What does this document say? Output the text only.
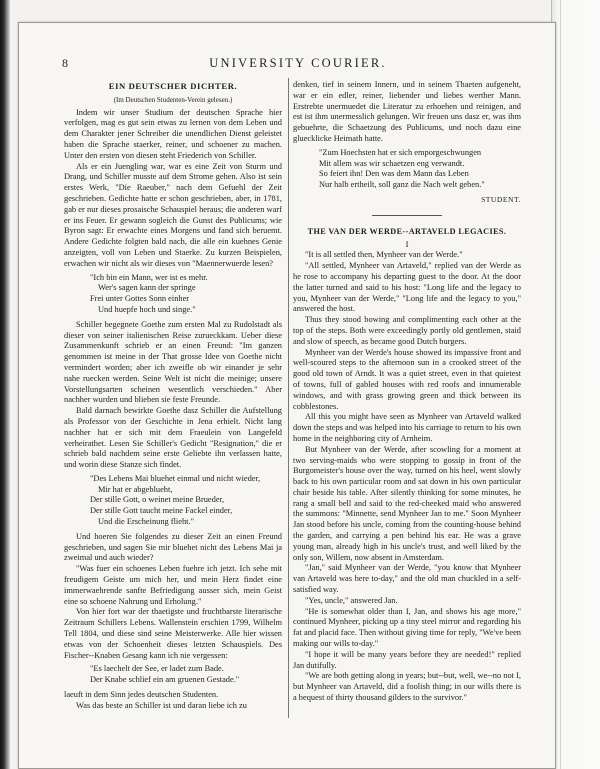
8	UNIVERSITY COURIER.
EIN DEUTSCHER DICHTER.
(Im Deutschen Studenten-Verein gelesen.)

Indem wir unser Studium der deutschen Sprache hier verfolgen, mag es gut sein etwas zu lernen von dem Leben und dem Charakter jener Schreiber die unendlichen Dienst geleistet haben die Sprache staerker, reiner, und schoener zu machen. Unter den ersten von diesen steht Friederich von Schiller.

Als er ein Juengling war, war es eine Zeit von Sturm und Drang, und Schiller musste auf dem Strome gehen. Also ist sein erstes Werk, "Die Raeuber," nach dem Gefuehl der Zeit geschrieben. Gedichte hatte er schon geschrieben, aber, in 1781, gab er nur dieses prosaische Schauspiel heraus; die anderen warf er ins Feuer. Er gewann sogleich die Gunst des Publicums; wie Byron sagt: Er erwachte eines Morgens und fand sich beruemt. Andere Gedichte folgten bald nach, die alle ein kuehnes Genie anzeigten, voll von Leben und Staerke. Zu kurzen Beispielen, erwachen wir nicht als wir dieses von "Maennerwuerde lesen?

"Ich bin ein Mann, wer ist es mehr.
Wer's sagen kann der springe
Frei unter Gottes Sonn einher
Und huepfe hoch und singe."

Schiller begegnete Goethe zum ersten Mal zu Rudolstadt als dieser von seiner italienischen Reise zurueckkam. Ueber diese Zusammenkunft schrieb er an einen Freund: "Im ganzen genommen ist meine in der That grosse Idee von Goethe nicht vermindert worden; aber ich zweifle ob wir einander je sehr nahe ruecken werden. Seine Welt ist nicht die meinige; unsere Vorstellungsarten scheinen wesentlich verschieden." Aber nachher wurden und blieben sie feste Freunde.

Bald darnach bewirkte Goethe dasz Schiller die Aufstellung als Professor von der Geschichte in Jena erhielt. Nicht lang nachher hat er sich mit dem Fraeulein von Langefeld verheirathet. Lesen Sie Schiller's Gedicht "Resignation," die er schrieb bald nachdem seine erste Geliebte ihn verlassen hatte, und worin diese Stanze sich findet.

"Des Lebens Mai bluehet einmal und nicht wieder,
Mir hat er abgeblueht,
Der stille Gott, o weinet meine Brueder,
Der stille Gott taucht meine Fackel einder,
Und die Erscheinung flieht."

Und hoeren Sie folgendes zu dieser Zeit an einen Freund geschrieben, und sagen Sie mir bluehet nicht des Lebens Mai ja zweimal und auch wieder?

"Was fuer ein schoenes Leben fuehre ich jetzt. Ich sehe mit freudigem Geiste um mich her, und mein Herz findet eine immerwaehrende sanfte Befriedigung ausser sich, mein Geist eine so schoene Nahrung und Erholung."

Von hier fort war der thaetigste und fruchtbarste literarische Zeitraum Schillers Lebens. Wallenstein erschien 1799, Wilhelm Tell 1804, und diese sind seine Meisterwerke. Alle hier wissen etwas von der Schoenheit dieses letzten Schauspiels. Des Fischer--Knaben Gesang kann ich nie vergessen:

"Es laechelt der See, er ladet zum Bade.
Der Knabe schlief ein am gruenen Gestade."

laeuft in dem Sinn jedes deutschen Studenten.

Was das beste an Schiller ist und daran liebe ich zu

denken, tief in seinem Innern, und in seinem Thaeten aufgeneht, war er ein edler, reiner, liebender und liebes werther Mann. Erstrebte unermuedet die Literatur zu erhoehen und reinigen, and est ist ihm unermesslich gelungen. Wir freuen uns dasz er, was ihm gebuehrte, die Schaetzung des Publicums, und noch dazu eine gluecklicke Heimath hatte.

"Zum Hoechsten hat er sich emporgeschwungen
Mit allem was wir schaetzen eng verwandt.
So feiert ihn! Den was dem Mann das Leben
Nur halb ertheilt, soll ganz die Nach welt geben."
STUDENT.
THE VAN DER WERDE--ARTAVELD LEGACIES.
I

"It is all settled then, Mynheer van der Werde."

"All settled, Mynheer van Artaveld," replied van der Werde as he rose to accompany his departing guest to the door. At the door the latter turned and said to his host: "Long life and the legacy to you, Mynheer van der Werde," "Long life and the legacy to you," answered the host.

Thus they stood bowing and complimenting each other at the top of the steps. Both were exceedingly portly old gentlemen, staid and slow of speech, as became good Dutch burgers.

Mynheer van der Werde's house showed its impassive front and well-scoured steps to the afternoon sun in a crooked street of the good old town of Arndt. It was a quiet street, even in that quietest of towns, full of gabled houses with red roofs and innumerable windows, and with grass growing green and thick between its cobblestones.

All this you might have seen as Mynheer van Artaveld walked down the steps and was helped into his carriage to return to his own home in the neighboring city of Arnheim.

But Mynheer van der Werde, after scowling for a moment at two serving-maids who were stopping to gossip in front of the Burgomeister's house over the way, turned on his heel, went slowly back to his own particular room and sat down in his own particular chair beside his table. After silently thinking for some minutes, he rang a small bell and said to the red-cheeked maid who answered the summons: "Minnette, send Mynheer Jan to me." Soon Mynheer Jan stood before his uncle, coming from the counting-house behind the garden, and carrying a pen behind his ear. He was a grave young man, already high in his uncle's trust, and well liked by the only son, Willem, now absent in Amsterdam.

"Jan," said Mynheer van der Werde, "you know that Mynheer van Artaveld was here to-day," and the old man chuckled in a self-satisfied way.

"Yes, uncle," answered Jan.

"He is somewhat older than I, Jan, and shows his age more," continued Mynheer, picking up a tiny steel mirror and regarding his fat and placid face. Then without giving time for reply, "We've been making our wills to-day."

"I hope it will be many years before they are needed!" replied Jan dutifully.

"We are both getting along in years; but--but, well, we--no not I, but Mynheer van Artaveld, did a foolish thing; in our wills there is a bequest of thirty thousand gilders to the survivor."
